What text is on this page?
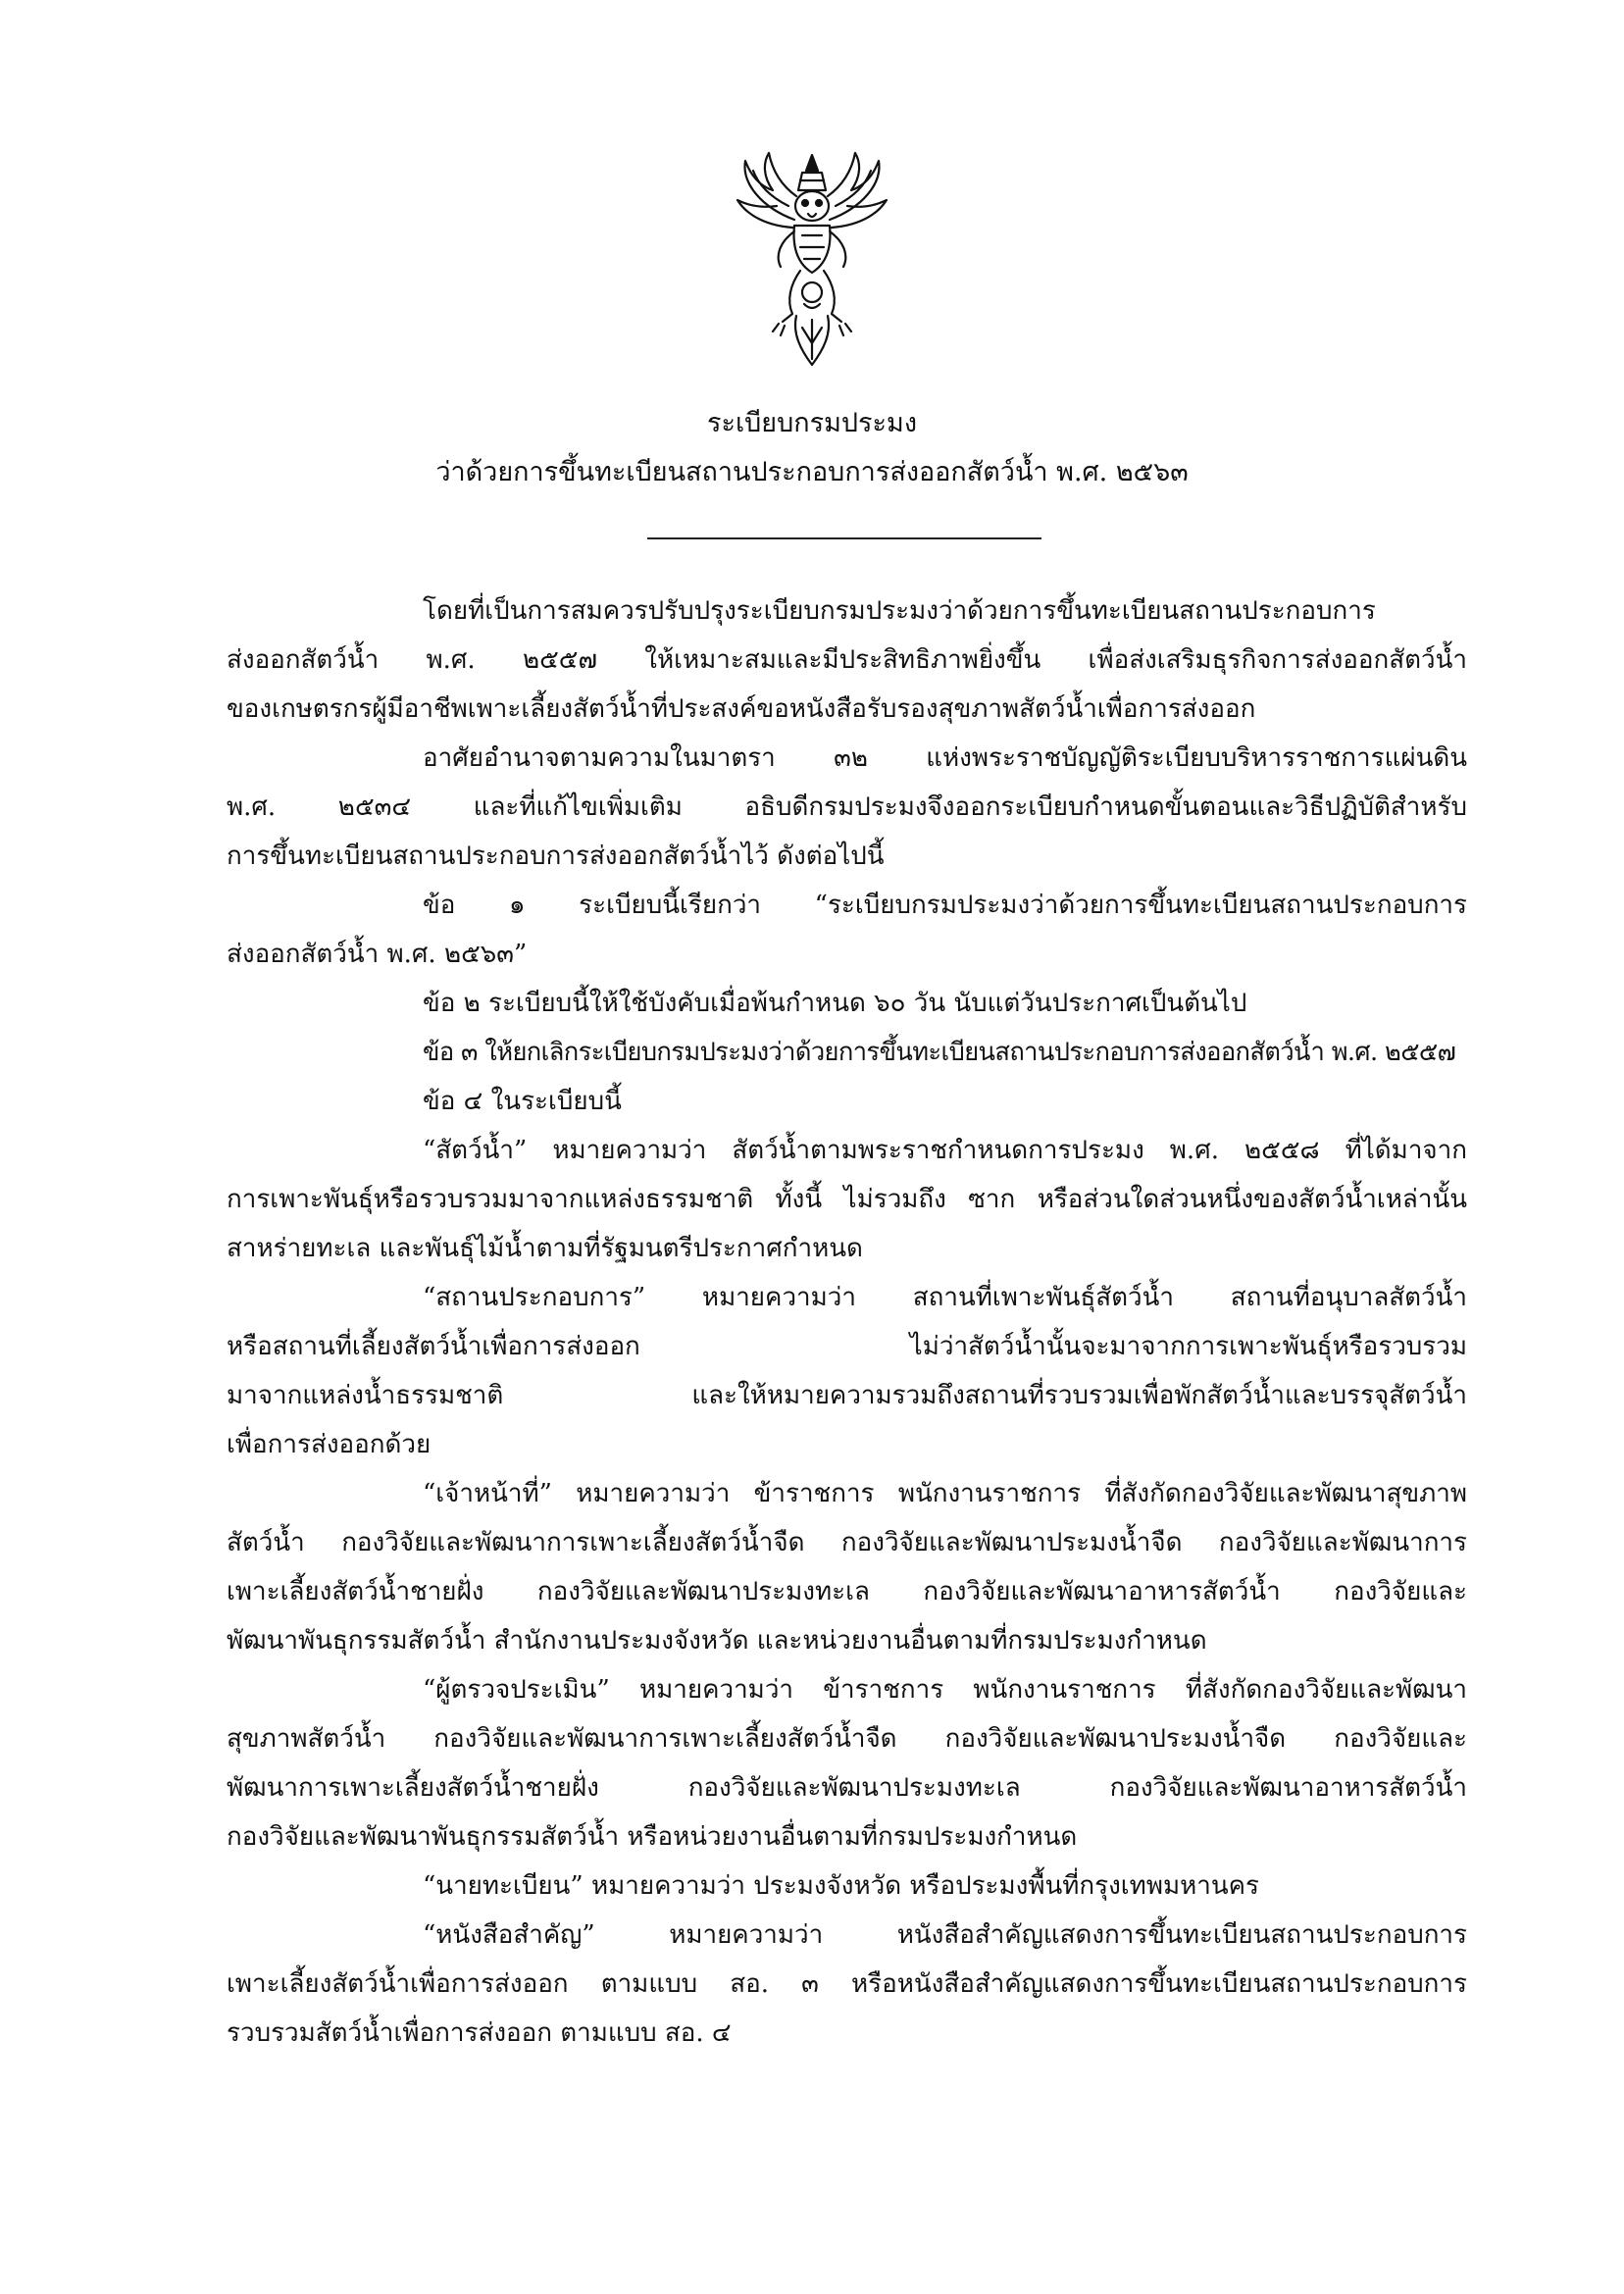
ระเบียบกรมประมง
ว่าด้วยการขึ้นทะเบียนสถานประกอบการส่งออกสัตว์น้ำ พ.ศ. ๒๕๖๓
โดยที่เป็นการสมควรปรับปรุงระเบียบกรมประมงว่าด้วยการขึ้นทะเบียนสถานประกอบการ
ส่งออกสัตว์น้ำ พ.ศ. ๒๕๕๗ ให้เหมาะสมและมีประสิทธิภาพยิ่งขึ้น เพื่อส่งเสริมธุรกิจการส่งออกสัตว์น้ำ
ของเกษตรกรผู้มีอาชีพเพาะเลี้ยงสัตว์น้ำที่ประสงค์ขอหนังสือรับรองสุขภาพสัตว์น้ำเพื่อการส่งออก
อาศัยอำนาจตามความในมาตรา ๓๒ แห่งพระราชบัญญัติระเบียบบริหารราชการแผ่นดิน
พ.ศ. ๒๕๓๔ และที่แก้ไขเพิ่มเติม อธิบดีกรมประมงจึงออกระเบียบกำหนดขั้นตอนและวิธีปฏิบัติสำหรับ
การขึ้นทะเบียนสถานประกอบการส่งออกสัตว์น้ำไว้ ดังต่อไปนี้
ข้อ ๑ ระเบียบนี้เรียกว่า “ระเบียบกรมประมงว่าด้วยการขึ้นทะเบียนสถานประกอบการ
ส่งออกสัตว์น้ำ พ.ศ. ๒๕๖๓”
ข้อ ๒ ระเบียบนี้ให้ใช้บังคับเมื่อพ้นกำหนด ๖๐ วัน นับแต่วันประกาศเป็นต้นไป
ข้อ ๓ ให้ยกเลิกระเบียบกรมประมงว่าด้วยการขึ้นทะเบียนสถานประกอบการส่งออกสัตว์น้ำ พ.ศ. ๒๕๕๗
ข้อ ๔ ในระเบียบนี้
“สัตว์น้ำ” หมายความว่า สัตว์น้ำตามพระราชกำหนดการประมง พ.ศ. ๒๕๕๘ ที่ได้มาจาก
การเพาะพันธุ์หรือรวบรวมมาจากแหล่งธรรมชาติ ทั้งนี้ ไม่รวมถึง ซาก หรือส่วนใดส่วนหนึ่งของสัตว์น้ำเหล่านั้น
สาหร่ายทะเล และพันธุ์ไม้น้ำตามที่รัฐมนตรีประกาศกำหนด
“สถานประกอบการ” หมายความว่า สถานที่เพาะพันธุ์สัตว์น้ำ สถานที่อนุบาลสัตว์น้ำ
หรือสถานที่เลี้ยงสัตว์น้ำเพื่อการส่งออก ไม่ว่าสัตว์น้ำนั้นจะมาจากการเพาะพันธุ์หรือรวบรวม
มาจากแหล่งน้ำธรรมชาติ และให้หมายความรวมถึงสถานที่รวบรวมเพื่อพักสัตว์น้ำและบรรจุสัตว์น้ำ
เพื่อการส่งออกด้วย
“เจ้าหน้าที่” หมายความว่า ข้าราชการ พนักงานราชการ ที่สังกัดกองวิจัยและพัฒนาสุขภาพ
สัตว์น้ำ กองวิจัยและพัฒนาการเพาะเลี้ยงสัตว์น้ำจืด กองวิจัยและพัฒนาประมงน้ำจืด กองวิจัยและพัฒนาการ
เพาะเลี้ยงสัตว์น้ำชายฝั่ง กองวิจัยและพัฒนาประมงทะเล กองวิจัยและพัฒนาอาหารสัตว์น้ำ กองวิจัยและ
พัฒนาพันธุกรรมสัตว์น้ำ สำนักงานประมงจังหวัด และหน่วยงานอื่นตามที่กรมประมงกำหนด
“ผู้ตรวจประเมิน” หมายความว่า ข้าราชการ พนักงานราชการ ที่สังกัดกองวิจัยและพัฒนา
สุขภาพสัตว์น้ำ กองวิจัยและพัฒนาการเพาะเลี้ยงสัตว์น้ำจืด กองวิจัยและพัฒนาประมงน้ำจืด กองวิจัยและ
พัฒนาการเพาะเลี้ยงสัตว์น้ำชายฝั่ง กองวิจัยและพัฒนาประมงทะเล กองวิจัยและพัฒนาอาหารสัตว์น้ำ
กองวิจัยและพัฒนาพันธุกรรมสัตว์น้ำ หรือหน่วยงานอื่นตามที่กรมประมงกำหนด
“นายทะเบียน” หมายความว่า ประมงจังหวัด หรือประมงพื้นที่กรุงเทพมหานคร
“หนังสือสำคัญ” หมายความว่า หนังสือสำคัญแสดงการขึ้นทะเบียนสถานประกอบการ
เพาะเลี้ยงสัตว์น้ำเพื่อการส่งออก ตามแบบ สอ. ๓ หรือหนังสือสำคัญแสดงการขึ้นทะเบียนสถานประกอบการ
รวบรวมสัตว์น้ำเพื่อการส่งออก ตามแบบ สอ. ๔
